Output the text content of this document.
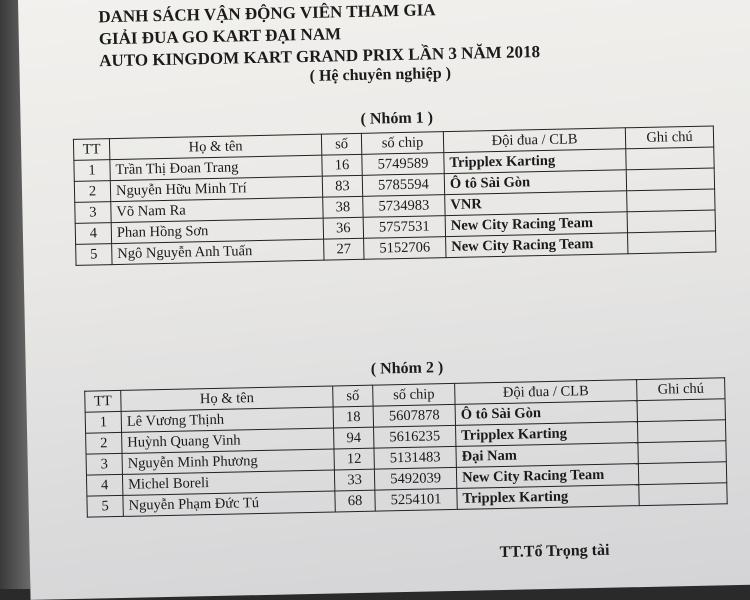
DANH SÁCH VẬN ĐỘNG VIÊN THAM GIA
GIẢI ĐUA GO KART ĐẠI NAM
AUTO KINGDOM KART GRAND PRIX LẦN 3 NĂM 2018
( Hệ chuyên nghiệp )
( Nhóm 1 )
TT	Họ & tên	số	số chip	Đội đua / CLB	Ghi chú
1	Trần Thị Đoan Trang	16	5749589	Tripplex Karting	
2	Nguyễn Hữu Minh Trí	83	5785594	Ô tô Sài Gòn	
3	Võ Nam Ra	38	5734983	VNR	
4	Phan Hồng Sơn	36	5757531	New City Racing Team	
5	Ngô Nguyễn Anh Tuấn	27	5152706	New City Racing Team	
( Nhóm 2 )
TT	Họ & tên	số	số chip	Đội đua / CLB	Ghi chú
1	Lê Vương Thịnh	18	5607878	Ô tô Sài Gòn	
2	Huỳnh Quang Vinh	94	5616235	Tripplex Karting	
3	Nguyễn Minh Phương	12	5131483	Đại Nam	
4	Michel Boreli	33	5492039	New City Racing Team	
5	Nguyễn Phạm Đức Tú	68	5254101	Tripplex Karting	
TT.Tổ Trọng tài
